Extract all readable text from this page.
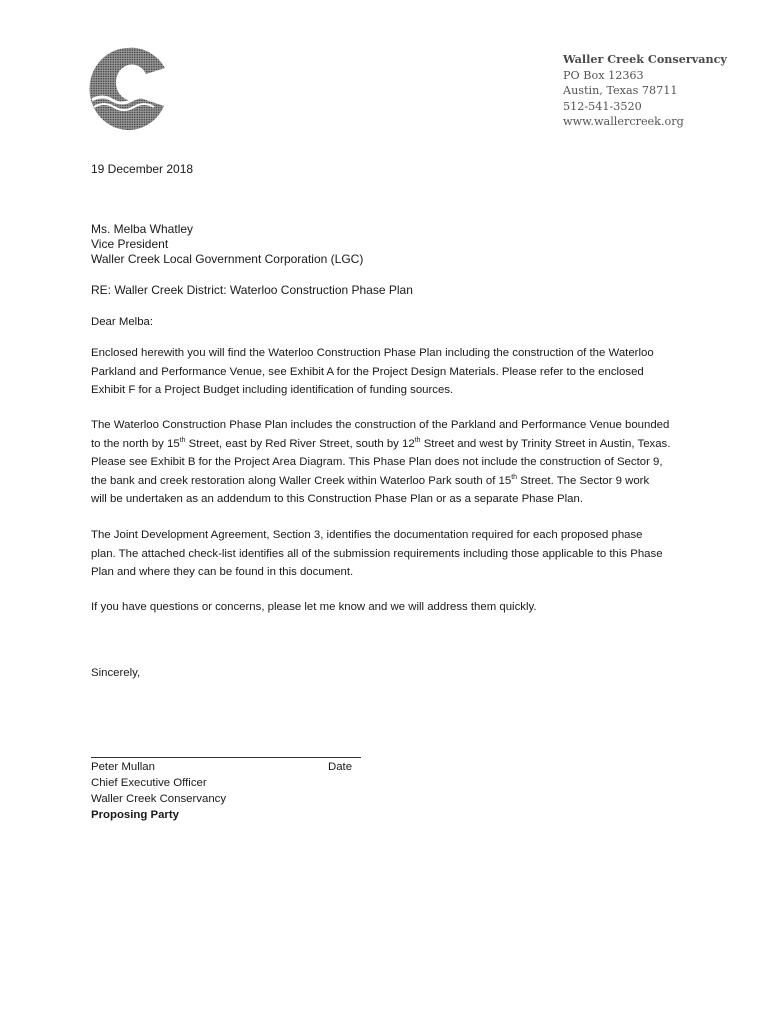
Waller Creek Conservancy
PO Box 12363
Austin, Texas 78711
512-541-3520
www.wallercreek.org
19 December 2018
Ms. Melba Whatley
Vice President
Waller Creek Local Government Corporation (LGC)
RE: Waller Creek District: Waterloo Construction Phase Plan
Dear Melba:
Enclosed herewith you will find the Waterloo Construction Phase Plan including the construction of the Waterloo
Parkland and Performance Venue, see Exhibit A for the Project Design Materials. Please refer to the enclosed
Exhibit F for a Project Budget including identification of funding sources.
The Waterloo Construction Phase Plan includes the construction of the Parkland and Performance Venue bounded
to the north by 15th Street, east by Red River Street, south by 12th Street and west by Trinity Street in Austin, Texas.
Please see Exhibit B for the Project Area Diagram. This Phase Plan does not include the construction of Sector 9,
the bank and creek restoration along Waller Creek within Waterloo Park south of 15th Street. The Sector 9 work
will be undertaken as an addendum to this Construction Phase Plan or as a separate Phase Plan.
The Joint Development Agreement, Section 3, identifies the documentation required for each proposed phase
plan. The attached check-list identifies all of the submission requirements including those applicable to this Phase
Plan and where they can be found in this document.
If you have questions or concerns, please let me know and we will address them quickly.
Sincerely,
Peter Mullan	Date
Chief Executive Officer
Waller Creek Conservancy
Proposing Party
